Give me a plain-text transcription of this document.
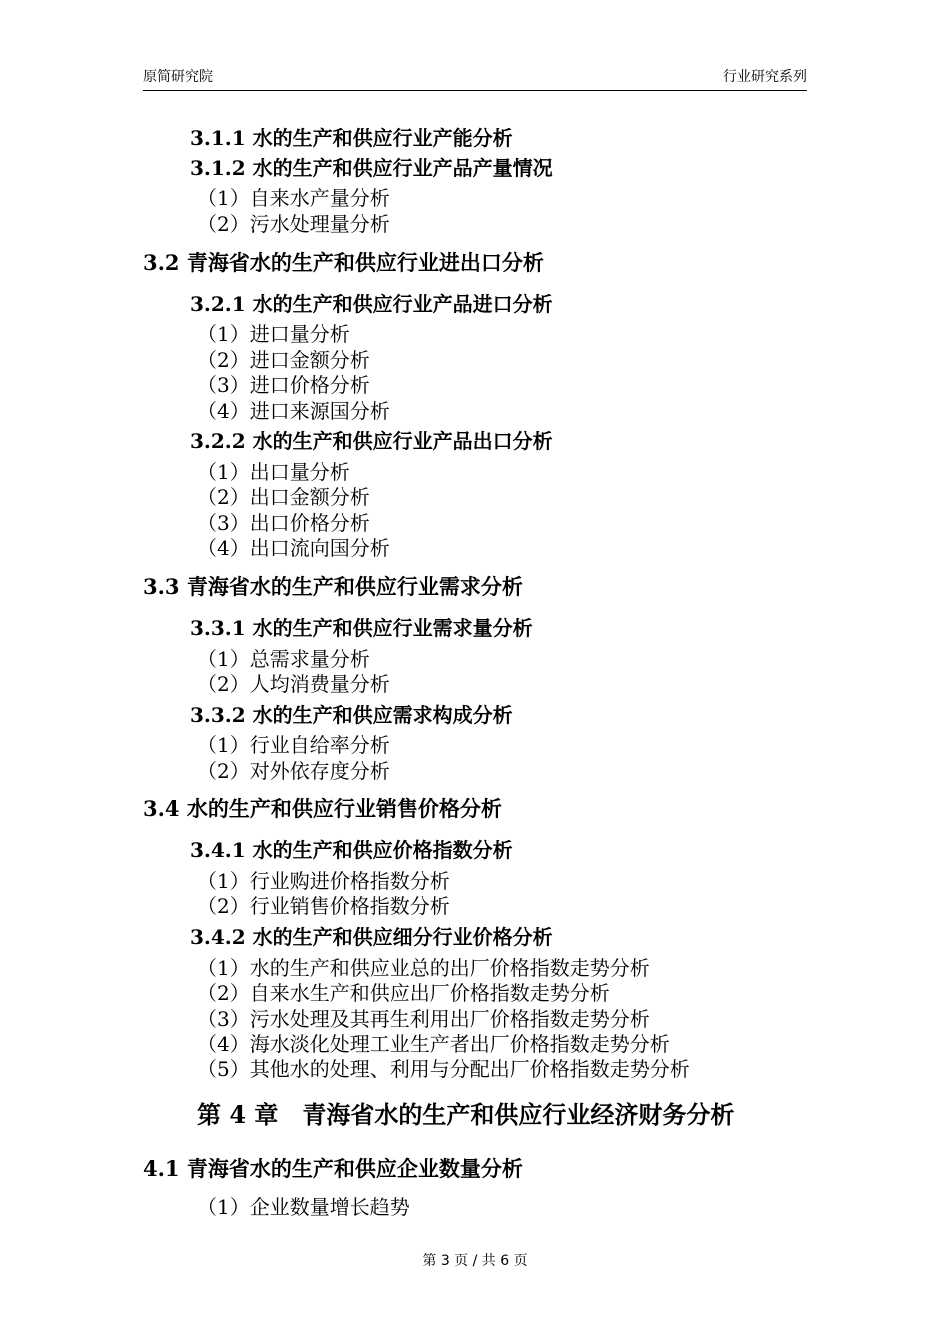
原简研究院	行业研究系列
3.1.1 水的生产和供应行业产能分析
3.1.2 水的生产和供应行业产品产量情况
（1）自来水产量分析
（2）污水处理量分析
3.2 青海省水的生产和供应行业进出口分析
3.2.1 水的生产和供应行业产品进口分析
（1）进口量分析
（2）进口金额分析
（3）进口价格分析
（4）进口来源国分析
3.2.2 水的生产和供应行业产品出口分析
（1）出口量分析
（2）出口金额分析
（3）出口价格分析
（4）出口流向国分析
3.3 青海省水的生产和供应行业需求分析
3.3.1 水的生产和供应行业需求量分析
（1）总需求量分析
（2）人均消费量分析
3.3.2 水的生产和供应需求构成分析
（1）行业自给率分析
（2）对外依存度分析
3.4 水的生产和供应行业销售价格分析
3.4.1 水的生产和供应价格指数分析
（1）行业购进价格指数分析
（2）行业销售价格指数分析
3.4.2 水的生产和供应细分行业价格分析
（1）水的生产和供应业总的出厂价格指数走势分析
（2）自来水生产和供应出厂价格指数走势分析
（3）污水处理及其再生利用出厂价格指数走势分析
（4）海水淡化处理工业生产者出厂价格指数走势分析
（5）其他水的处理、利用与分配出厂价格指数走势分析
第 4 章　青海省水的生产和供应行业经济财务分析
4.1 青海省水的生产和供应企业数量分析
（1）企业数量增长趋势
第 3 页 / 共 6 页
